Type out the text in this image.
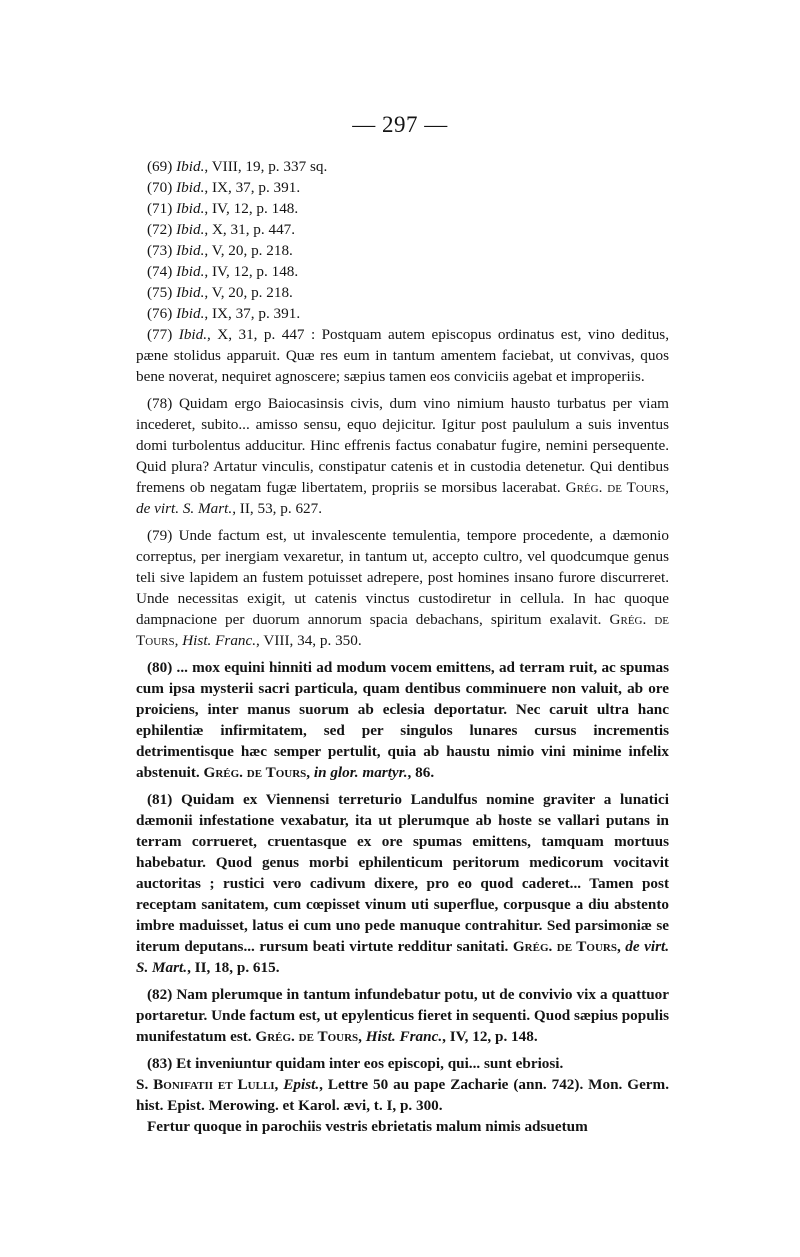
— 297 —
(69) Ibid., VIII, 19, p. 337 sq.
(70) Ibid., IX, 37, p. 391.
(71) Ibid., IV, 12, p. 148.
(72) Ibid., X, 31, p. 447.
(73) Ibid., V, 20, p. 218.
(74) Ibid., IV, 12, p. 148.
(75) Ibid., V, 20, p. 218.
(76) Ibid., IX, 37, p. 391.
(77) Ibid., X, 31, p. 447 : Postquam autem episcopus ordinatus est, vino deditus, pæne stolidus apparuit. Quæ res eum in tantum amentem faciebat, ut convivas, quos bene noverat, nequiret agnoscere; sæpius tamen eos conviciis agebat et improperiis.
(78) Quidam ergo Baiocasinsis civis, dum vino nimium hausto turbatus per viam incederet, subito... amisso sensu, equo dejicitur. Igitur post paululum a suis inventus domi turbolentus adducitur. Hinc effrenis factus conabatur fugire, nemini persequente. Quid plura? Artatur vinculis, constipatur catenis et in custodia detenetur. Qui dentibus fremens ob negatam fugæ libertatem, propriis se morsibus lacerabat. Grég. de Tours, de virt. S. Mart., II, 53, p. 627.
(79) Unde factum est, ut invalescente temulentia, tempore procedente, a dæmonio correptus, per inergiam vexaretur, in tantum ut, accepto cultro, vel quodcumque genus teli sive lapidem an fustem potuisset adrepere, post homines insano furore discurreret. Unde necessitas exigit, ut catenis vinctus custodiretur in cellula. In hac quoque dampnacione per duorum annorum spacia debachans, spiritum exalavit. Grég. de Tours, Hist. Franc., VIII, 34, p. 350.
(80) ... mox equini hinniti ad modum vocem emittens, ad terram ruit, ac spumas cum ipsa mysterii sacri particula, quam dentibus comminuere non valuit, ab ore proiciens, inter manus suorum ab eclesia deportatur. Nec caruit ultra hanc ephilentiæ infirmitatem, sed per singulos lunares cursus incrementis detrimentisque hæc semper pertulit, quia ab haustu nimio vini minime infelix abstenuit. Grég. de Tours, in glor. martyr., 86.
(81) Quidam ex Viennensi terreturio Landulfus nomine graviter a lunatici dæmonii infestatione vexabatur, ita ut plerumque ab hoste se vallari putans in terram corrueret, cruentasque ex ore spumas emittens, tamquam mortuus habebatur. Quod genus morbi ephilenticum peritorum medicorum vocitavit auctoritas ; rustici vero cadivum dixere, pro eo quod caderet... Tamen post receptam sanitatem, cum cœpisset vinum uti superflue, corpusque a diu abstento imbre maduisset, latus ei cum uno pede manuque contrahitur. Sed parsimoniæ se iterum deputans... rursum beati virtute redditur sanitati. Grég. de Tours, de virt. S. Mart., II, 18, p. 615.
(82) Nam plerumque in tantum infundebatur potu, ut de convivio vix a quattuor portaretur. Unde factum est, ut epylenticus fieret in sequenti. Quod sæpius populis munifestatum est. Grég. de Tours, Hist. Franc., IV, 12, p. 148.
(83) Et inveniuntur quidam inter eos episcopi, qui... sunt ebriosi.
S. Bonifatii et Lulli, Epist., Lettre 50 au pape Zacharie (ann. 742). Mon. Germ. hist. Epist. Merowing. et Karol. ævi, t. I, p. 300.
Fertur quoque in parochiis vestris ebrietatis malum nimis adsuetum
